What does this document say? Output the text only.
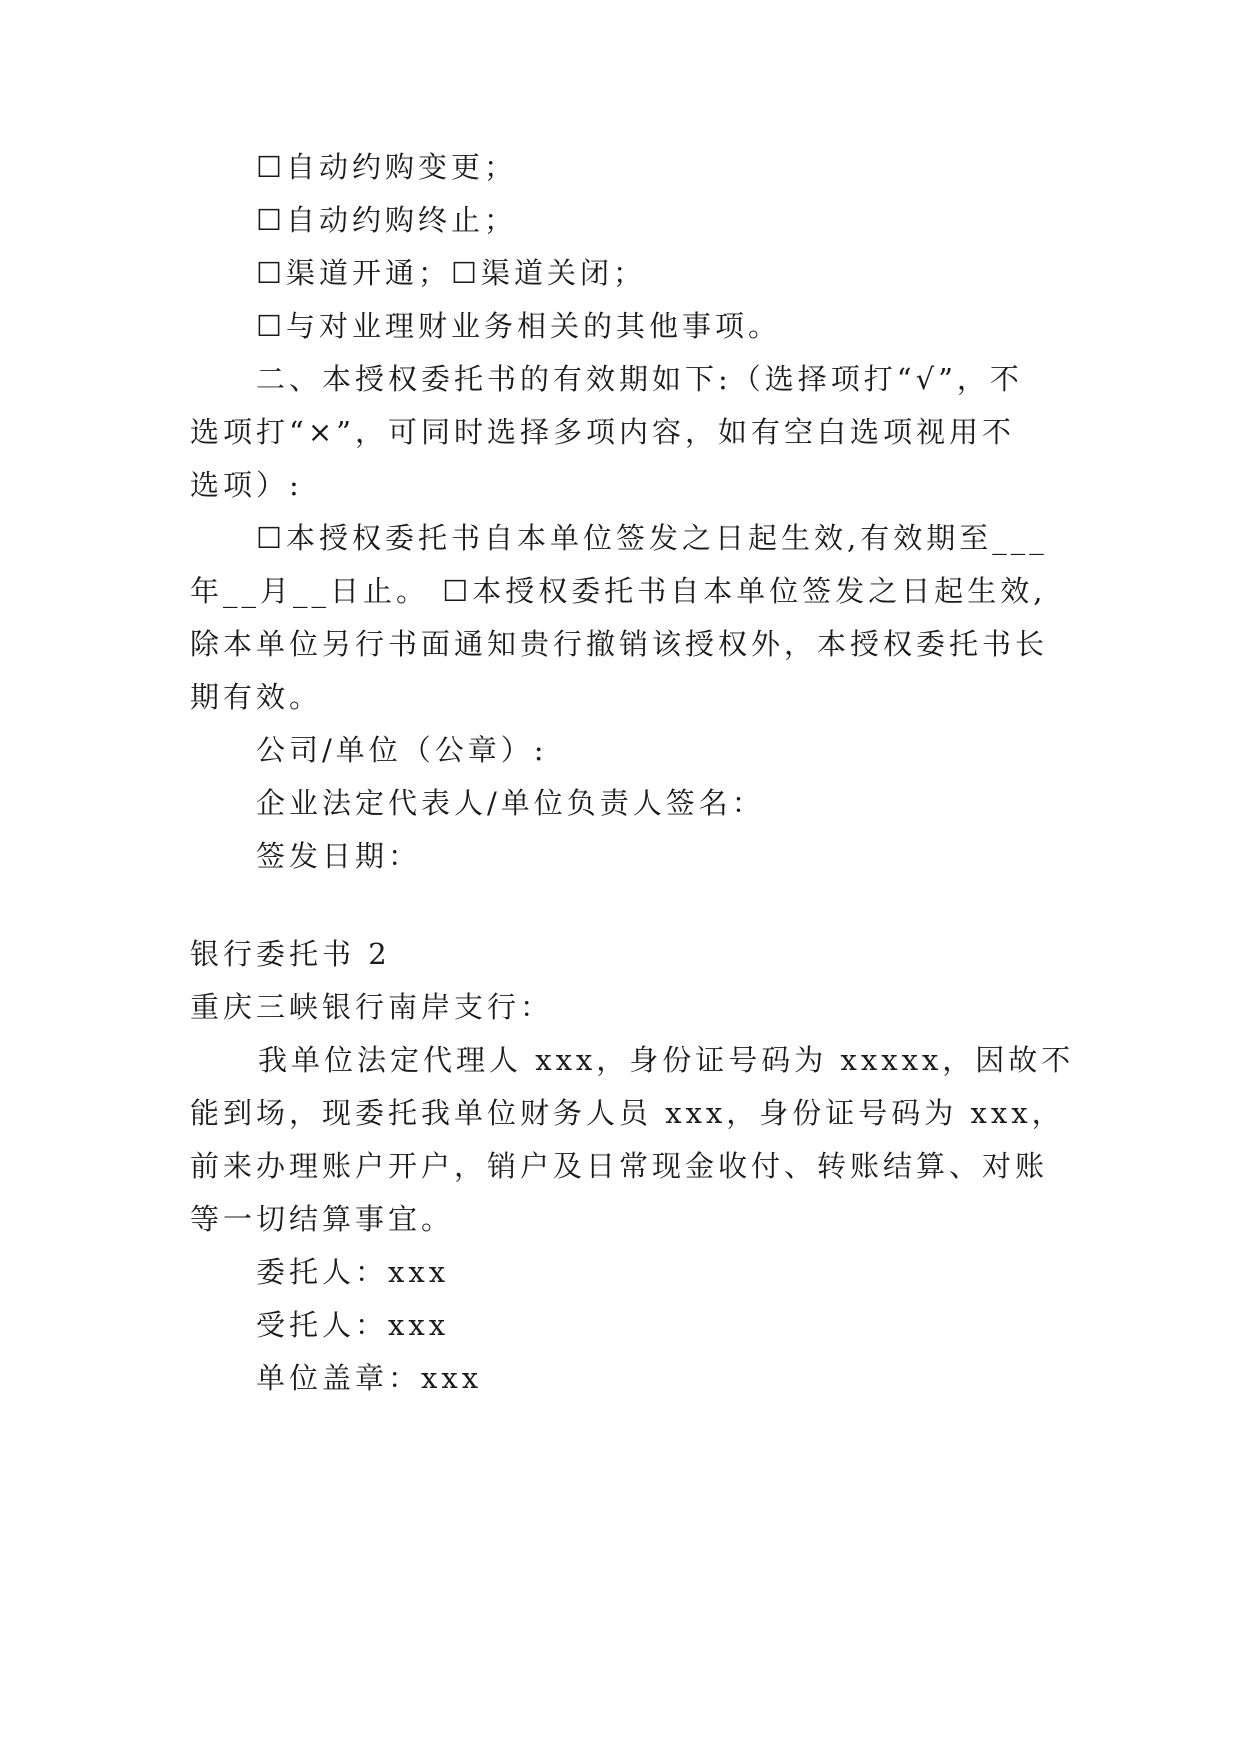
☐自动约购变更；
☐自动约购终止；
☐渠道开通；☐渠道关闭；
☐与对业理财业务相关的其他事项。
二、本授权委托书的有效期如下:（选择项打“√”，不
选项打“×”，可同时选择多项内容，如有空白选项视用不
选项）:
☐本授权委托书自本单位签发之日起生效,有效期至___
年__月__日止。 ☐本授权委托书自本单位签发之日起生效,
除本单位另行书面通知贵行撤销该授权外，本授权委托书长
期有效。
公司/单位（公章）:
企业法定代表人/单位负责人签名：
签发日期：
银行委托书 2
重庆三峡银行南岸支行：
我单位法定代理人 xxx，身份证号码为 xxxxx，因故不
能到场，现委托我单位财务人员 xxx，身份证号码为 xxx，
前来办理账户开户，销户及日常现金收付、转账结算、对账
等一切结算事宜。
委托人：xxx
受托人：xxx
单位盖章：xxx
